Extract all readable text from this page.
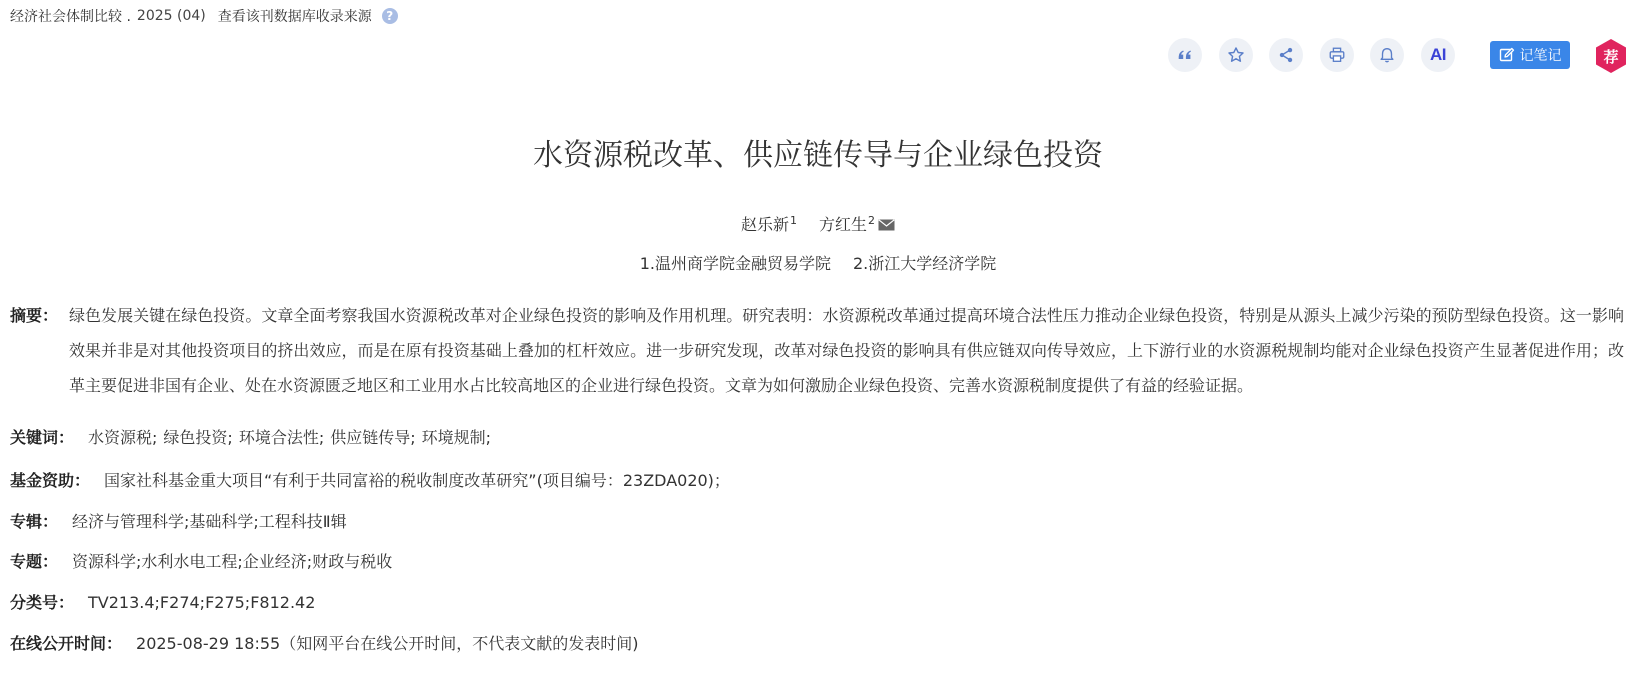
经济社会体制比较 . 2025 (04) 查看该刊数据库收录来源	?
AI	记笔记	荐
水资源税改革、供应链传导与企业绿色投资
赵乐新$^1$ 方红生$^2$
1.温州商学院金融贸易学院 2.浙江大学经济学院
摘要： 绿色发展关键在绿色投资。文章全面考察我国水资源税改革对企业绿色投资的影响及作用机理。研究表明：水资源税改革通过提高环境合法性压力推动企业绿色投资，特别是从源头上减少污染的预防型绿色投资。这一影响效果并非是对其他投资项目的挤出效应，而是在原有投资基础上叠加的杠杆效应。进一步研究发现，改革对绿色投资的影响具有供应链双向传导效应，上下游行业的水资源税规制均能对企业绿色投资产生显著促进作用；改革主要促进非国有企业、处在水资源匮乏地区和工业用水占比较高地区的企业进行绿色投资。文章为如何激励企业绿色投资、完善水资源税制度提供了有益的经验证据。
关键词： 水资源税; 绿色投资; 环境合法性; 供应链传导; 环境规制;
基金资助： 国家社科基金重大项目“有利于共同富裕的税收制度改革研究”(项目编号：23ZDA020)；
专辑： 经济与管理科学;基础科学;工程科技Ⅱ辑
专题： 资源科学;水利水电工程;企业经济;财政与税收
分类号： TV213.4;F274;F275;F812.42
在线公开时间： 2025-08-29 18:55（知网平台在线公开时间，不代表文献的发表时间)
